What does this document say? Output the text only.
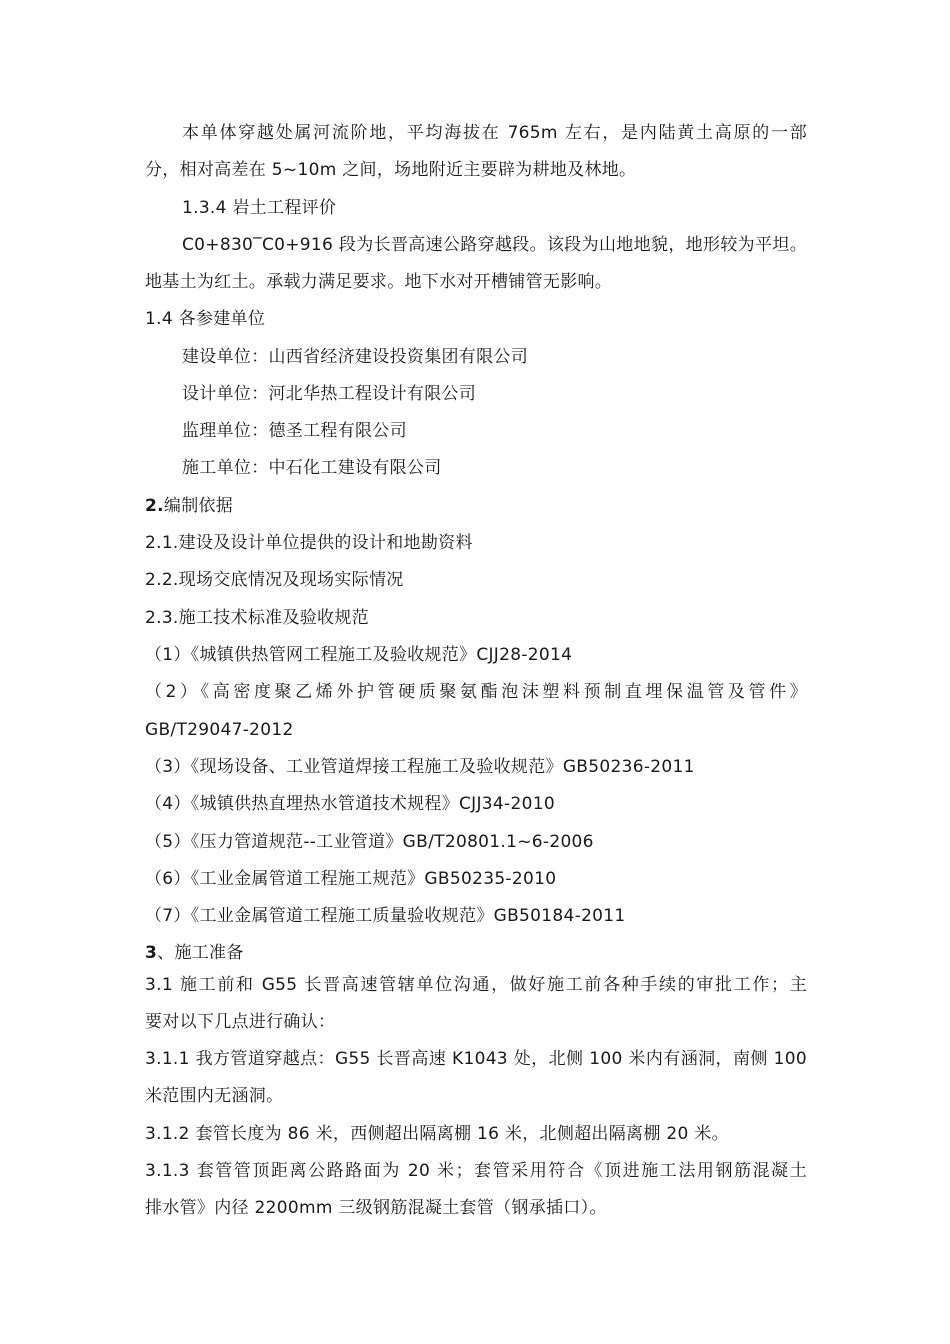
本单体穿越处属河流阶地，平均海拔在 765m 左右，是内陆黄土高原的一部
分，相对高差在 5~10m 之间，场地附近主要辟为耕地及林地。
1.3.4 岩土工程评价
C0+830‾C0+916 段为长晋高速公路穿越段。该段为山地地貌，地形较为平坦。
地基土为红土。承载力满足要求。地下水对开槽铺管无影响。
1.4 各参建单位
建设单位：山西省经济建设投资集团有限公司
设计单位：河北华热工程设计有限公司
监理单位：德圣工程有限公司
施工单位：中石化工建设有限公司
2.编制依据
2.1.建设及设计单位提供的设计和地勘资料
2.2.现场交底情况及现场实际情况
2.3.施工技术标准及验收规范
（1）《城镇供热管网工程施工及验收规范》CJJ28-2014
（2）《高密度聚乙烯外护管硬质聚氨酯泡沫塑料预制直埋保温管及管件》
GB/T29047-2012
（3）《现场设备、工业管道焊接工程施工及验收规范》GB50236-2011
（4）《城镇供热直埋热水管道技术规程》CJJ34-2010
（5）《压力管道规范--工业管道》GB/T20801.1~6-2006
（6）《工业金属管道工程施工规范》GB50235-2010
（7）《工业金属管道工程施工质量验收规范》GB50184-2011
3、施工准备
3.1 施工前和 G55 长晋高速管辖单位沟通，做好施工前各种手续的审批工作；主
要对以下几点进行确认：
3.1.1 我方管道穿越点：G55 长晋高速 K1043 处，北侧 100 米内有涵洞，南侧 100
米范围内无涵洞。
3.1.2 套管长度为 86 米，西侧超出隔离棚 16 米，北侧超出隔离棚 20 米。
3.1.3 套管管顶距离公路路面为 20 米；套管采用符合《顶进施工法用钢筋混凝土
排水管》内径 2200mm 三级钢筋混凝土套管（钢承插口）。
